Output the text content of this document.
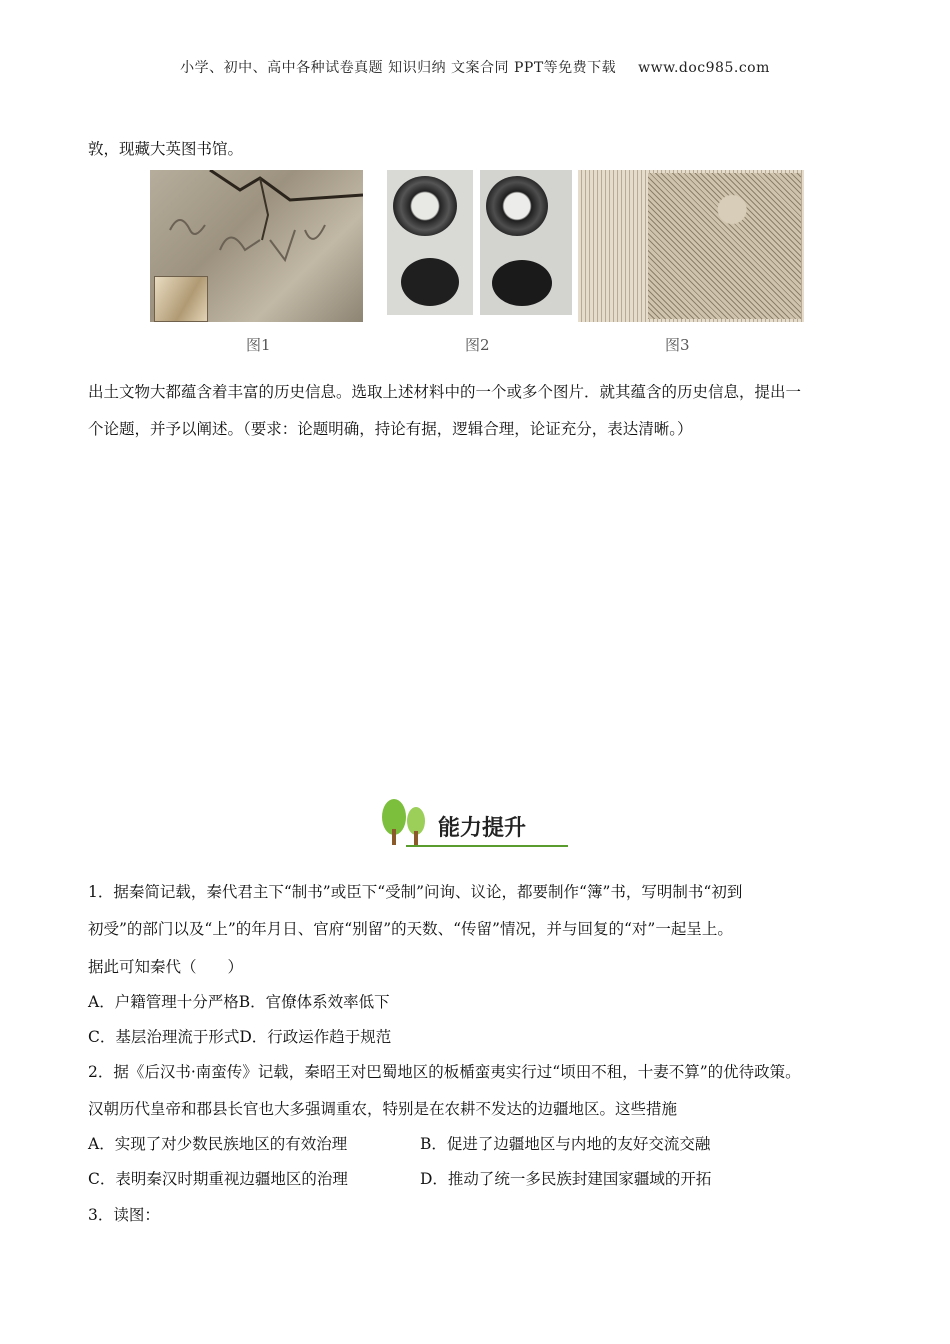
小学、初中、高中各种试卷真题 知识归纳 文案合同 PPT等免费下载 www.doc985.com
敦，现藏大英图书馆。
图1	图2	图3
出土文物大都蕴含着丰富的历史信息。选取上述材料中的一个或多个图片．就其蕴含的历史信息，提出一
个论题，并予以阐述。（要求：论题明确，持论有据，逻辑合理，论证充分，表达清晰。）
能力提升
1．据秦简记载，秦代君主下“制书”或臣下“受制”问询、议论，都要制作“簿”书，写明制书“初到
初受”的部门以及“上”的年月日、官府“别留”的天数、“传留”情况，并与回复的“对”一起呈上。
据此可知秦代（　　）
A．户籍管理十分严格B．官僚体系效率低下
C．基层治理流于形式D．行政运作趋于规范
2．据《后汉书·南蛮传》记载，秦昭王对巴蜀地区的板楯蛮夷实行过“顷田不租，十妻不算”的优待政策。
汉朝历代皇帝和郡县长官也大多强调重农，特别是在农耕不发达的边疆地区。这些措施
A．实现了对少数民族地区的有效治理	B．促进了边疆地区与内地的友好交流交融
C．表明秦汉时期重视边疆地区的治理	D．推动了统一多民族封建国家疆域的开拓
3．读图：
